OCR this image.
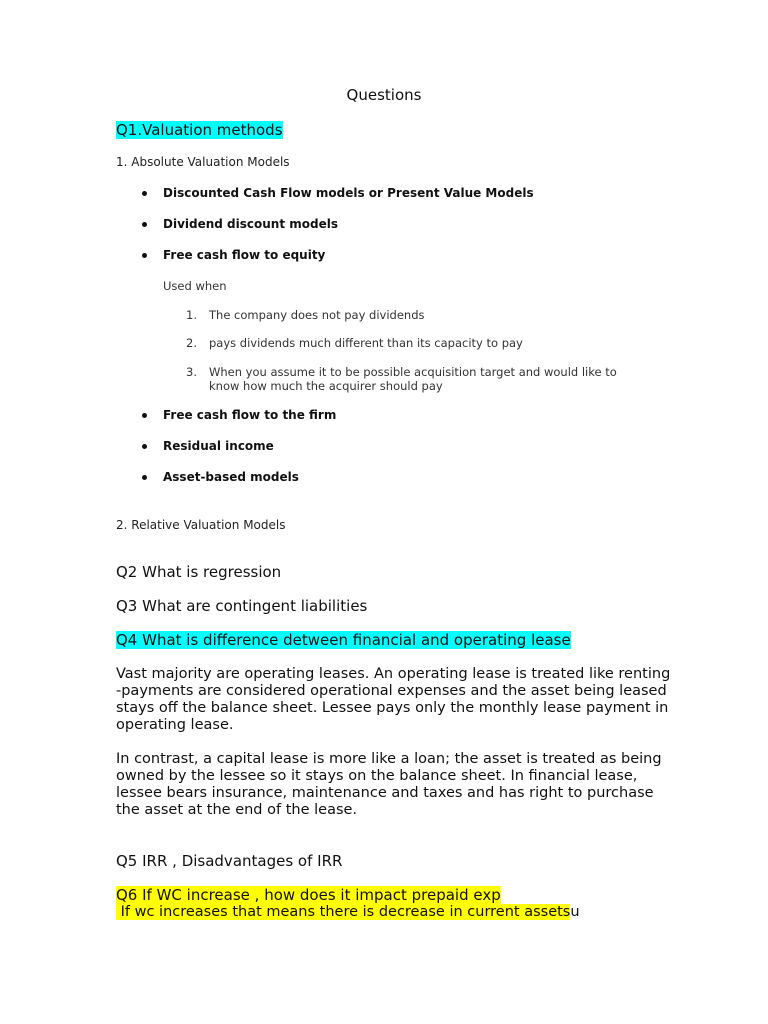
Questions
Q1.Valuation methods
1. Absolute Valuation Models
Discounted Cash Flow models or Present Value Models
Dividend discount models
Free cash flow to equity
Used when
1. The company does not pay dividends
2. pays dividends much different than its capacity to pay
3. When you assume it to be possible acquisition target and would like to
know how much the acquirer should pay
Free cash flow to the firm
Residual income
Asset-based models
2. Relative Valuation Models
Q2 What is regression
Q3 What are contingent liabilities
Q4 What is difference detween financial and operating lease
Vast majority are operating leases. An operating lease is treated like renting -payments are considered operational expenses and the asset being leased stays off the balance sheet. Lessee pays only the monthly lease payment in operating lease.
In contrast, a capital lease is more like a loan; the asset is treated as being owned by the lessee so it stays on the balance sheet. In financial lease, lessee bears insurance, maintenance and taxes and has right to purchase the asset at the end of the lease.
Q5 IRR , Disadvantages of IRR
Q6 If WC increase , how does it impact prepaid exp
If wc increases that means there is decrease in current assetsu
